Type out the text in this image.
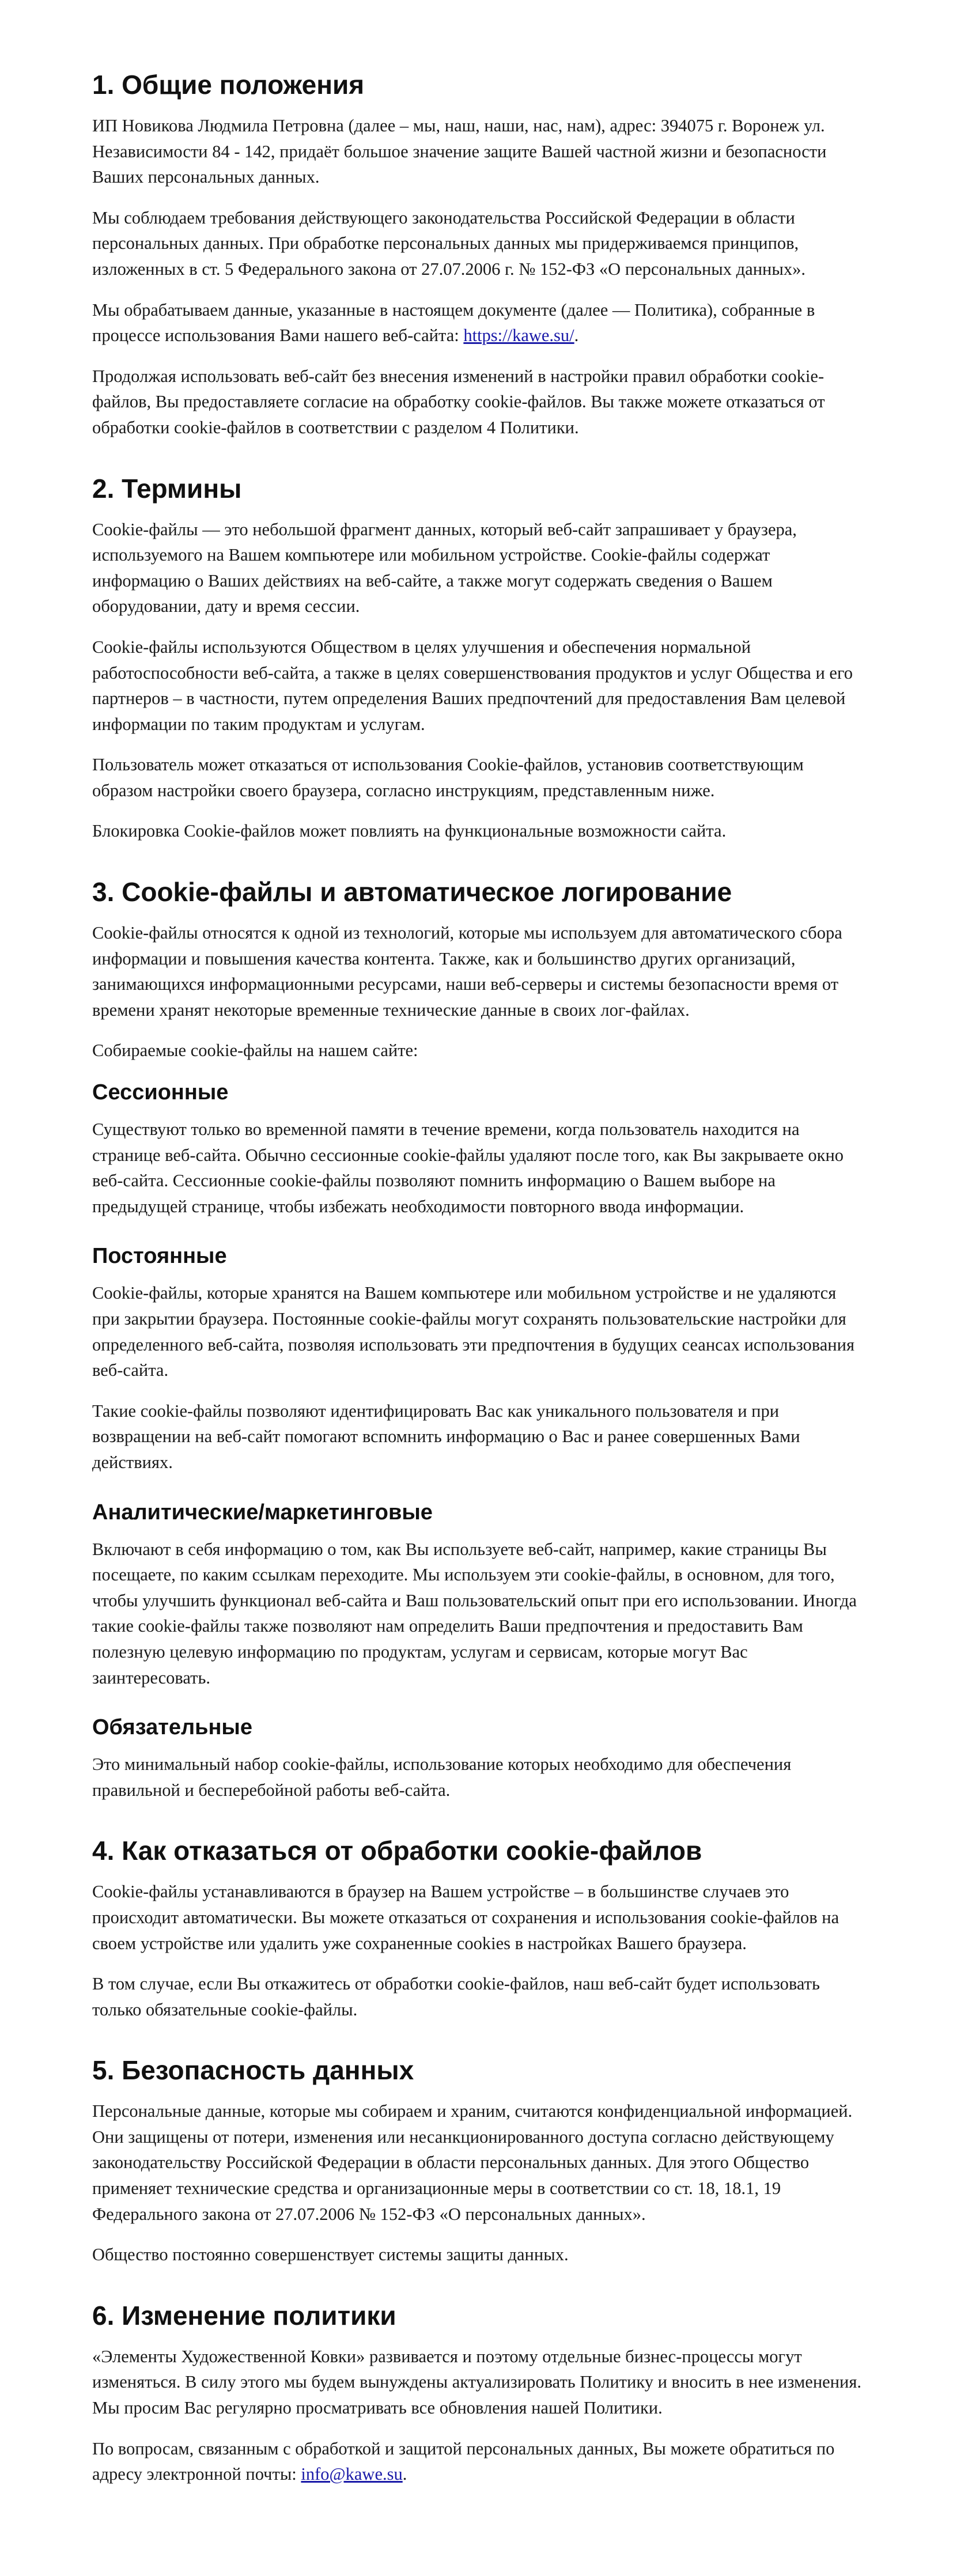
1. Общие положения

ИП Новикова Людмила Петровна (далее – мы, наш, наши, нас, нам), адрес: 394075 г. Воронеж ул. Независимости 84 - 142, придаёт большое значение защите Вашей частной жизни и безопасности Ваших персональных данных.

Мы соблюдаем требования действующего законодательства Российской Федерации в области персональных данных. При обработке персональных данных мы придерживаемся принципов, изложенных в ст. 5 Федерального закона от 27.07.2006 г. № 152-ФЗ «О персональных данных».

Мы обрабатываем данные, указанные в настоящем документе (далее — Политика), собранные в процессе использования Вами нашего веб-сайта: https://kawe.su/.

Продолжая использовать веб-сайт без внесения изменений в настройки правил обработки cookie-файлов, Вы предоставляете согласие на обработку cookie-файлов. Вы также можете отказаться от обработки cookie-файлов в соответствии с разделом 4 Политики.

2. Термины

Cookie-файлы — это небольшой фрагмент данных, который веб-сайт запрашивает у браузера, используемого на Вашем компьютере или мобильном устройстве. Cookie-файлы содержат информацию о Ваших действиях на веб-сайте, а также могут содержать сведения о Вашем оборудовании, дату и время сессии.

Cookie-файлы используются Обществом в целях улучшения и обеспечения нормальной работоспособности веб-сайта, а также в целях совершенствования продуктов и услуг Общества и его партнеров – в частности, путем определения Ваших предпочтений для предоставления Вам целевой информации по таким продуктам и услугам.

Пользователь может отказаться от использования Cookie-файлов, установив соответствующим образом настройки своего браузера, согласно инструкциям, представленным ниже.

Блокировка Cookie-файлов может повлиять на функциональные возможности сайта.

3. Cookie-файлы и автоматическое логирование

Cookie-файлы относятся к одной из технологий, которые мы используем для автоматического сбора информации и повышения качества контента. Также, как и большинство других организаций, занимающихся информационными ресурсами, наши веб-серверы и системы безопасности время от времени хранят некоторые временные технические данные в своих лог-файлах.

Собираемые cookie-файлы на нашем сайте:

Сессионные

Существуют только во временной памяти в течение времени, когда пользователь находится на странице веб-сайта. Обычно сессионные cookie-файлы удаляют после того, как Вы закрываете окно веб-сайта. Сессионные cookie-файлы позволяют помнить информацию о Вашем выборе на предыдущей странице, чтобы избежать необходимости повторного ввода информации.

Постоянные

Cookie-файлы, которые хранятся на Вашем компьютере или мобильном устройстве и не удаляются при закрытии браузера. Постоянные cookie-файлы могут сохранять пользовательские настройки для определенного веб-сайта, позволяя использовать эти предпочтения в будущих сеансах использования веб-сайта.

Такие cookie-файлы позволяют идентифицировать Вас как уникального пользователя и при возвращении на веб-сайт помогают вспомнить информацию о Вас и ранее совершенных Вами действиях.

Аналитические/маркетинговые

Включают в себя информацию о том, как Вы используете веб-сайт, например, какие страницы Вы посещаете, по каким ссылкам переходите. Мы используем эти cookie-файлы, в основном, для того, чтобы улучшить функционал веб-сайта и Ваш пользовательский опыт при его использовании. Иногда такие cookie-файлы также позволяют нам определить Ваши предпочтения и предоставить Вам полезную целевую информацию по продуктам, услугам и сервисам, которые могут Вас заинтересовать.

Обязательные

Это минимальный набор cookie-файлы, использование которых необходимо для обеспечения правильной и бесперебойной работы веб-сайта.

4. Как отказаться от обработки cookie-файлов

Cookie-файлы устанавливаются в браузер на Вашем устройстве – в большинстве случаев это происходит автоматически. Вы можете отказаться от сохранения и использования cookie-файлов на своем устройстве или удалить уже сохраненные cookies в настройках Вашего браузера.

В том случае, если Вы откажитесь от обработки cookie-файлов, наш веб-сайт будет использовать только обязательные cookie-файлы.

5. Безопасность данных

Персональные данные, которые мы собираем и храним, считаются конфиденциальной информацией. Они защищены от потери, изменения или несанкционированного доступа согласно действующему законодательству Российской Федерации в области персональных данных. Для этого Общество применяет технические средства и организационные меры в соответствии со ст. 18, 18.1, 19 Федерального закона от 27.07.2006 № 152-ФЗ «О персональных данных».

Общество постоянно совершенствует системы защиты данных.

6. Изменение политики

«Элементы Художественной Ковки» развивается и поэтому отдельные бизнес-процессы могут изменяться. В силу этого мы будем вынуждены актуализировать Политику и вносить в нее изменения. Мы просим Вас регулярно просматривать все обновления нашей Политики.

По вопросам, связанным с обработкой и защитой персональных данных, Вы можете обратиться по адресу электронной почты: info@kawe.su.
